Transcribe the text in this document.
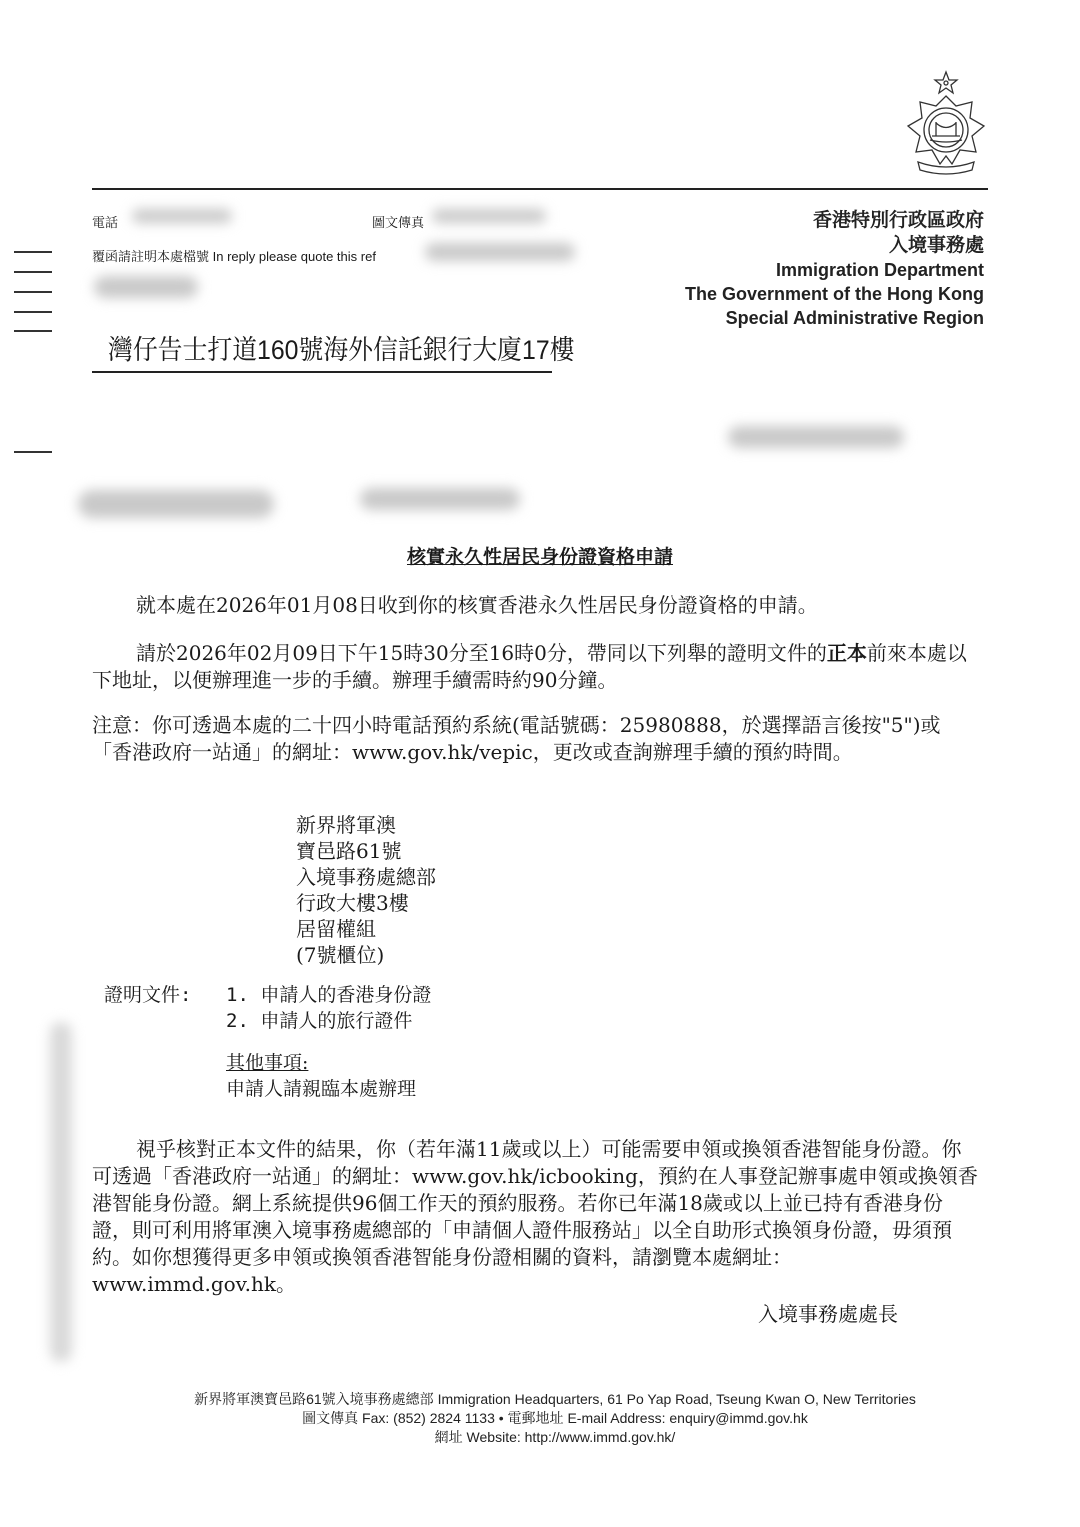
電話	圖文傳真
覆函請註明本處檔號 In reply please quote this ref
灣仔告士打道160號海外信託銀行大廈17樓
香港特別行政區政府
入境事務處
Immigration Department
The Government of the Hong Kong
Special Administrative Region
核實永久性居民身份證資格申請

就本處在2026年01月08日收到你的核實香港永久性居民身份證資格的申請。

請於2026年02月09日下午15時30分至16時0分，帶同以下列舉的證明文件的正本前來本處以下地址，以便辦理進一步的手續。辦理手續需時約90分鐘。

注意：你可透過本處的二十四小時電話預約系統(電話號碼：25980888，於選擇語言後按"5")或「香港政府一站通」的網址：www.gov.hk/vepic，更改或查詢辦理手續的預約時間。

新界將軍澳
寶邑路61號
入境事務處總部
行政大樓3樓
居留權組
(7號櫃位)
證明文件: 1. 申請人的香港身份證
2. 申請人的旅行證件
其他事項:
申請人請親臨本處辦理

視乎核對正本文件的結果，你（若年滿11歲或以上）可能需要申領或換領香港智能身份證。你可透過「香港政府一站通」的網址：www.gov.hk/icbooking，預約在人事登記辦事處申領或換領香港智能身份證。網上系統提供96個工作天的預約服務。若你已年滿18歲或以上並已持有香港身份證，則可利用將軍澳入境事務處總部的「申請個人證件服務站」以全自助形式換領身份證，毋須預約。如你想獲得更多申領或換領香港智能身份證相關的資料，請瀏覽本處網址：www.immd.gov.hk。

入境事務處處長
新界將軍澳寶邑路61號入境事務處總部 Immigration Headquarters, 61 Po Yap Road, Tseung Kwan O, New Territories
圖文傳真 Fax: (852) 2824 1133 • 電郵地址 E-mail Address: enquiry@immd.gov.hk
網址 Website: http://www.immd.gov.hk/
